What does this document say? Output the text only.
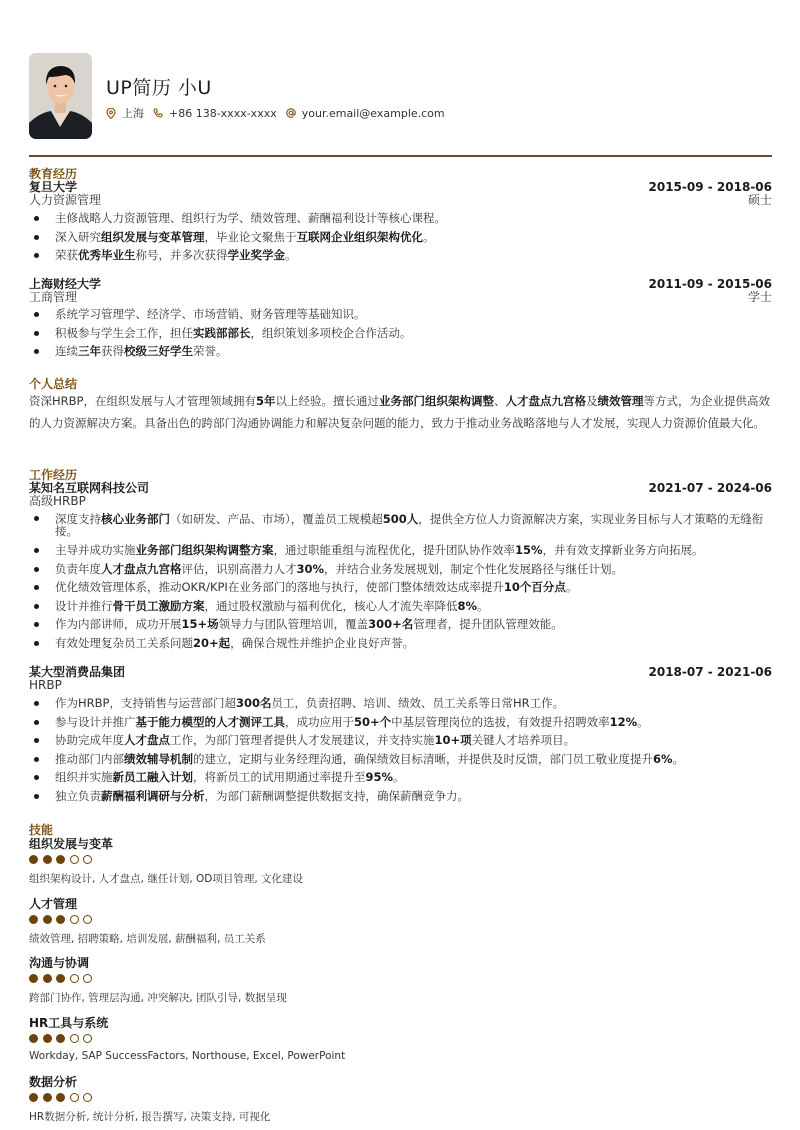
UP简历 小U
上海 +86 138-xxxx-xxxx your.email@example.com
教育经历
复旦大学	2015-09 - 2018-06
人力资源管理	硕士
主修战略人力资源管理、组织行为学、绩效管理、薪酬福利设计等核心课程。
深入研究组织发展与变革管理，毕业论文聚焦于互联网企业组织架构优化。
荣获优秀毕业生称号，并多次获得学业奖学金。
上海财经大学	2011-09 - 2015-06
工商管理	学士
系统学习管理学、经济学、市场营销、财务管理等基础知识。
积极参与学生会工作，担任实践部部长，组织策划多项校企合作活动。
连续三年获得校级三好学生荣誉。
个人总结
资深HRBP，在组织发展与人才管理领域拥有5年以上经验。擅长通过业务部门组织架构调整、人才盘点九宫格及绩效管理等方式，为企业提供高效的人力资源解决方案。具备出色的跨部门沟通协调能力和解决复杂问题的能力，致力于推动业务战略落地与人才发展，实现人力资源价值最大化。
工作经历
某知名互联网科技公司	2021-07 - 2024-06
高级HRBP
深度支持核心业务部门（如研发、产品、市场），覆盖员工规模超500人，提供全方位人力资源解决方案，实现业务目标与人才策略的无缝衔接。
主导并成功实施业务部门组织架构调整方案，通过职能重组与流程优化，提升团队协作效率15%，并有效支撑新业务方向拓展。
负责年度人才盘点九宫格评估，识别高潜力人才30%，并结合业务发展规划，制定个性化发展路径与继任计划。
优化绩效管理体系，推动OKR/KPI在业务部门的落地与执行，使部门整体绩效达成率提升10个百分点。
设计并推行骨干员工激励方案，通过股权激励与福利优化，核心人才流失率降低8%。
作为内部讲师，成功开展15+场领导力与团队管理培训，覆盖300+名管理者，提升团队管理效能。
有效处理复杂员工关系问题20+起，确保合规性并维护企业良好声誉。
某大型消费品集团	2018-07 - 2021-06
HRBP
作为HRBP，支持销售与运营部门超300名员工，负责招聘、培训、绩效、员工关系等日常HR工作。
参与设计并推广基于能力模型的人才测评工具，成功应用于50+个中基层管理岗位的选拔，有效提升招聘效率12%。
协助完成年度人才盘点工作，为部门管理者提供人才发展建议，并支持实施10+项关键人才培养项目。
推动部门内部绩效辅导机制的建立，定期与业务经理沟通，确保绩效目标清晰，并提供及时反馈，部门员工敬业度提升6%。
组织并实施新员工融入计划，将新员工的试用期通过率提升至95%。
独立负责薪酬福利调研与分析，为部门薪酬调整提供数据支持，确保薪酬竞争力。
技能
组织发展与变革
组织架构设计, 人才盘点, 继任计划, OD项目管理, 文化建设
人才管理
绩效管理, 招聘策略, 培训发展, 薪酬福利, 员工关系
沟通与协调
跨部门协作, 管理层沟通, 冲突解决, 团队引导, 数据呈现
HR工具与系统
Workday, SAP SuccessFactors, Northouse, Excel, PowerPoint
数据分析
HR数据分析, 统计分析, 报告撰写, 决策支持, 可视化
